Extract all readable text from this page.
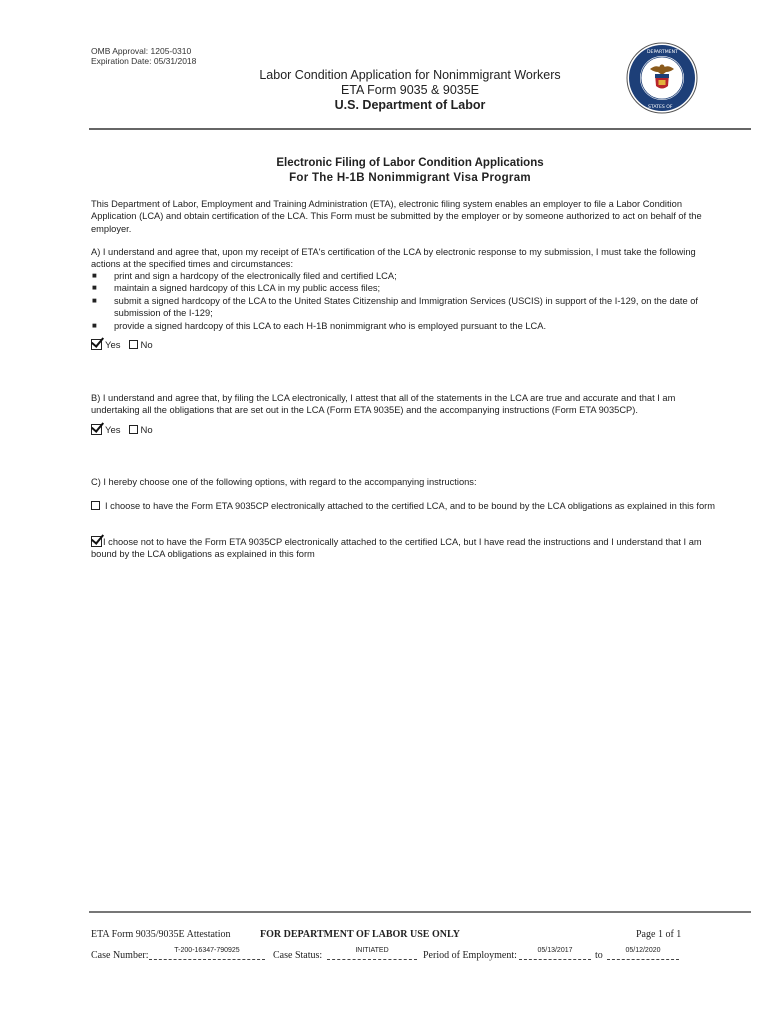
OMB Approval: 1205-0310
Expiration Date: 05/31/2018
Labor Condition Application for Nonimmigrant Workers
ETA Form 9035 & 9035E
U.S. Department of Labor
DEPARTMENT
STATES OF
Electronic Filing of Labor Condition Applications
For The H-1B Nonimmigrant Visa Program
This Department of Labor, Employment and Training Administration (ETA), electronic filing system enables an employer to file a Labor Condition Application (LCA) and obtain certification of the LCA. This Form must be submitted by the employer or by someone authorized to act on behalf of the employer.
A) I understand and agree that, upon my receipt of ETA's certification of the LCA by electronic response to my submission, I must take the following actions at the specified times and circumstances:
■ print and sign a hardcopy of the electronically filed and certified LCA;
■ maintain a signed hardcopy of this LCA in my public access files;
■ submit a signed hardcopy of the LCA to the United States Citizenship and Immigration Services (USCIS) in support of the I-129, on the date of submission of the I-129;
■ provide a signed hardcopy of this LCA to each H-1B nonimmigrant who is employed pursuant to the LCA.
Yes No
B) I understand and agree that, by filing the LCA electronically, I attest that all of the statements in the LCA are true and accurate and that I am undertaking all the obligations that are set out in the LCA (Form ETA 9035E) and the accompanying instructions (Form ETA 9035CP).
Yes No
C) I hereby choose one of the following options, with regard to the accompanying instructions:
I choose to have the Form ETA 9035CP electronically attached to the certified LCA, and to be bound by the LCA obligations as explained in this form
I choose not to have the Form ETA 9035CP electronically attached to the certified LCA, but I have read the instructions and I understand that I am bound by the LCA obligations as explained in this form
ETA Form 9035/9035E Attestation	FOR DEPARTMENT OF LABOR USE ONLY	Page 1 of 1
Case Number:	T-200-16347-790925	Case Status:	INITIATED	Period of Employment:	05/13/2017	to	05/12/2020
